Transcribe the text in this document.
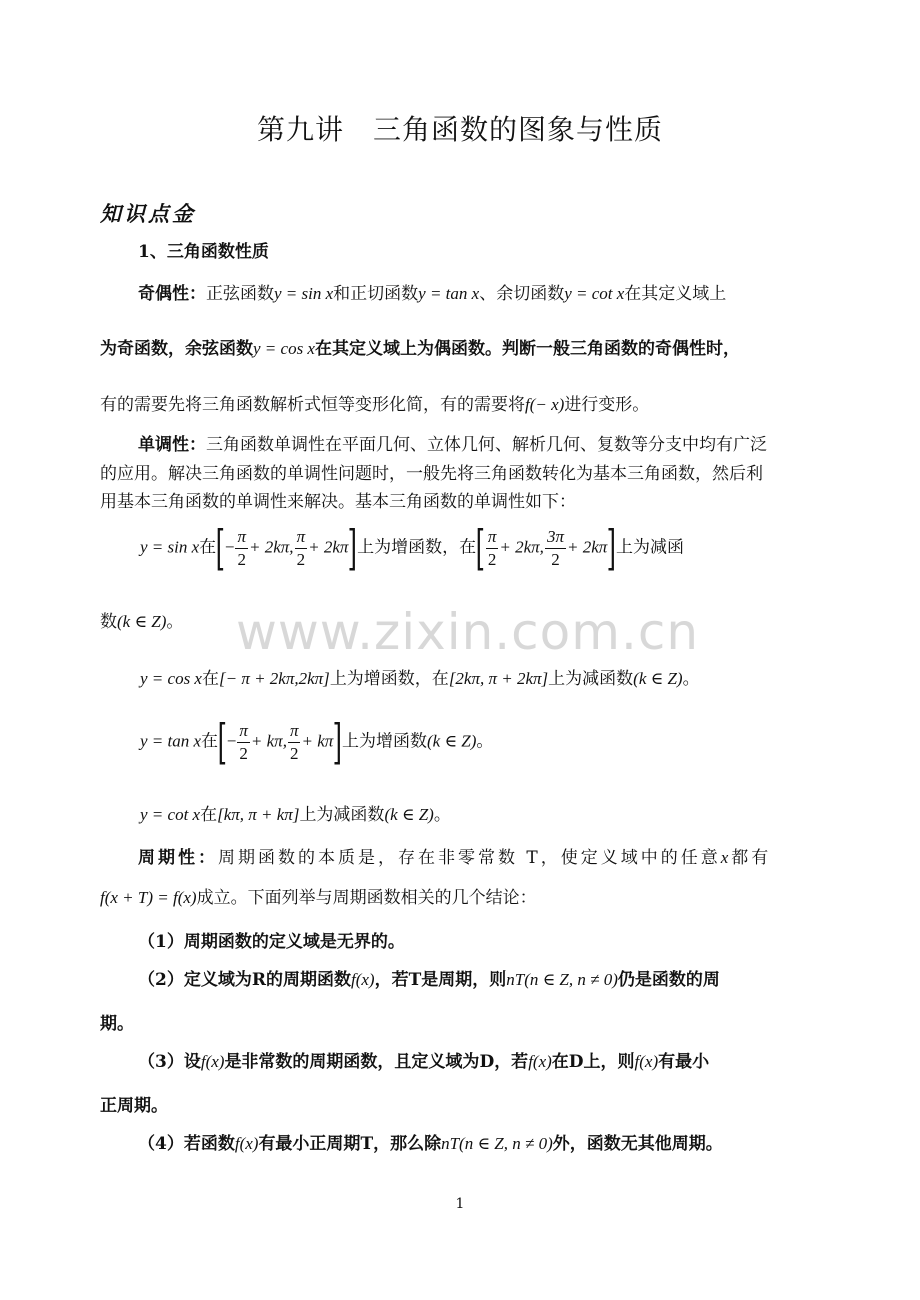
第九讲　三角函数的图象与性质
知识点金
1、三角函数性质
奇偶性：正弦函数y = sin x和正切函数y = tan x、余切函数y = cot x在其定义域上
为奇函数，余弦函数y = cos x在其定义域上为偶函数。判断一般三角函数的奇偶性时，
有的需要先将三角函数解析式恒等变形化简，有的需要将f(− x)进行变形。
单调性：三角函数单调性在平面几何、立体几何、解析几何、复数等分支中均有广泛
的应用。解决三角函数的单调性问题时，一般先将三角函数转化为基本三角函数，然后利
用基本三角函数的单调性来解决。基本三角函数的单调性如下：
y = sin x在[− $\frac{\pi}{2} + 2k\pi$, $\frac{\pi}{2} + 2k\pi$]上为增函数，在[ $\frac{\pi}{2} + 2k\pi$, $\frac{3\pi}{2} + 2k\pi$]上为减函
数(k ∈ Z)。
y = cos x在[− π + 2kπ,2kπ]上为增函数，在[2kπ, π + 2kπ]上为减函数(k ∈ Z)。
y = tan x在[− $\frac{\pi}{2} + k\pi$, $\frac{\pi}{2} + k\pi$]上为增函数(k ∈ Z)。
y = cot x在[kπ, π + kπ]上为减函数(k ∈ Z)。
周期性：周期函数的本质是，存在非零常数 T，使定义域中的任意x都有
f(x + T) = f(x)成立。下面列举与周期函数相关的几个结论：
（1）周期函数的定义域是无界的。
（2）定义域为R的周期函数f(x)，若T是周期，则nT(n ∈ Z, n ≠ 0)仍是函数的周
期。
（3）设f(x)是非常数的周期函数，且定义域为D，若f(x)在D上，则f(x)有最小
正周期。
（4）若函数f(x)有最小正周期T，那么除nT(n ∈ Z, n ≠ 0)外，函数无其他周期。
www.zixin.com.cn
1
